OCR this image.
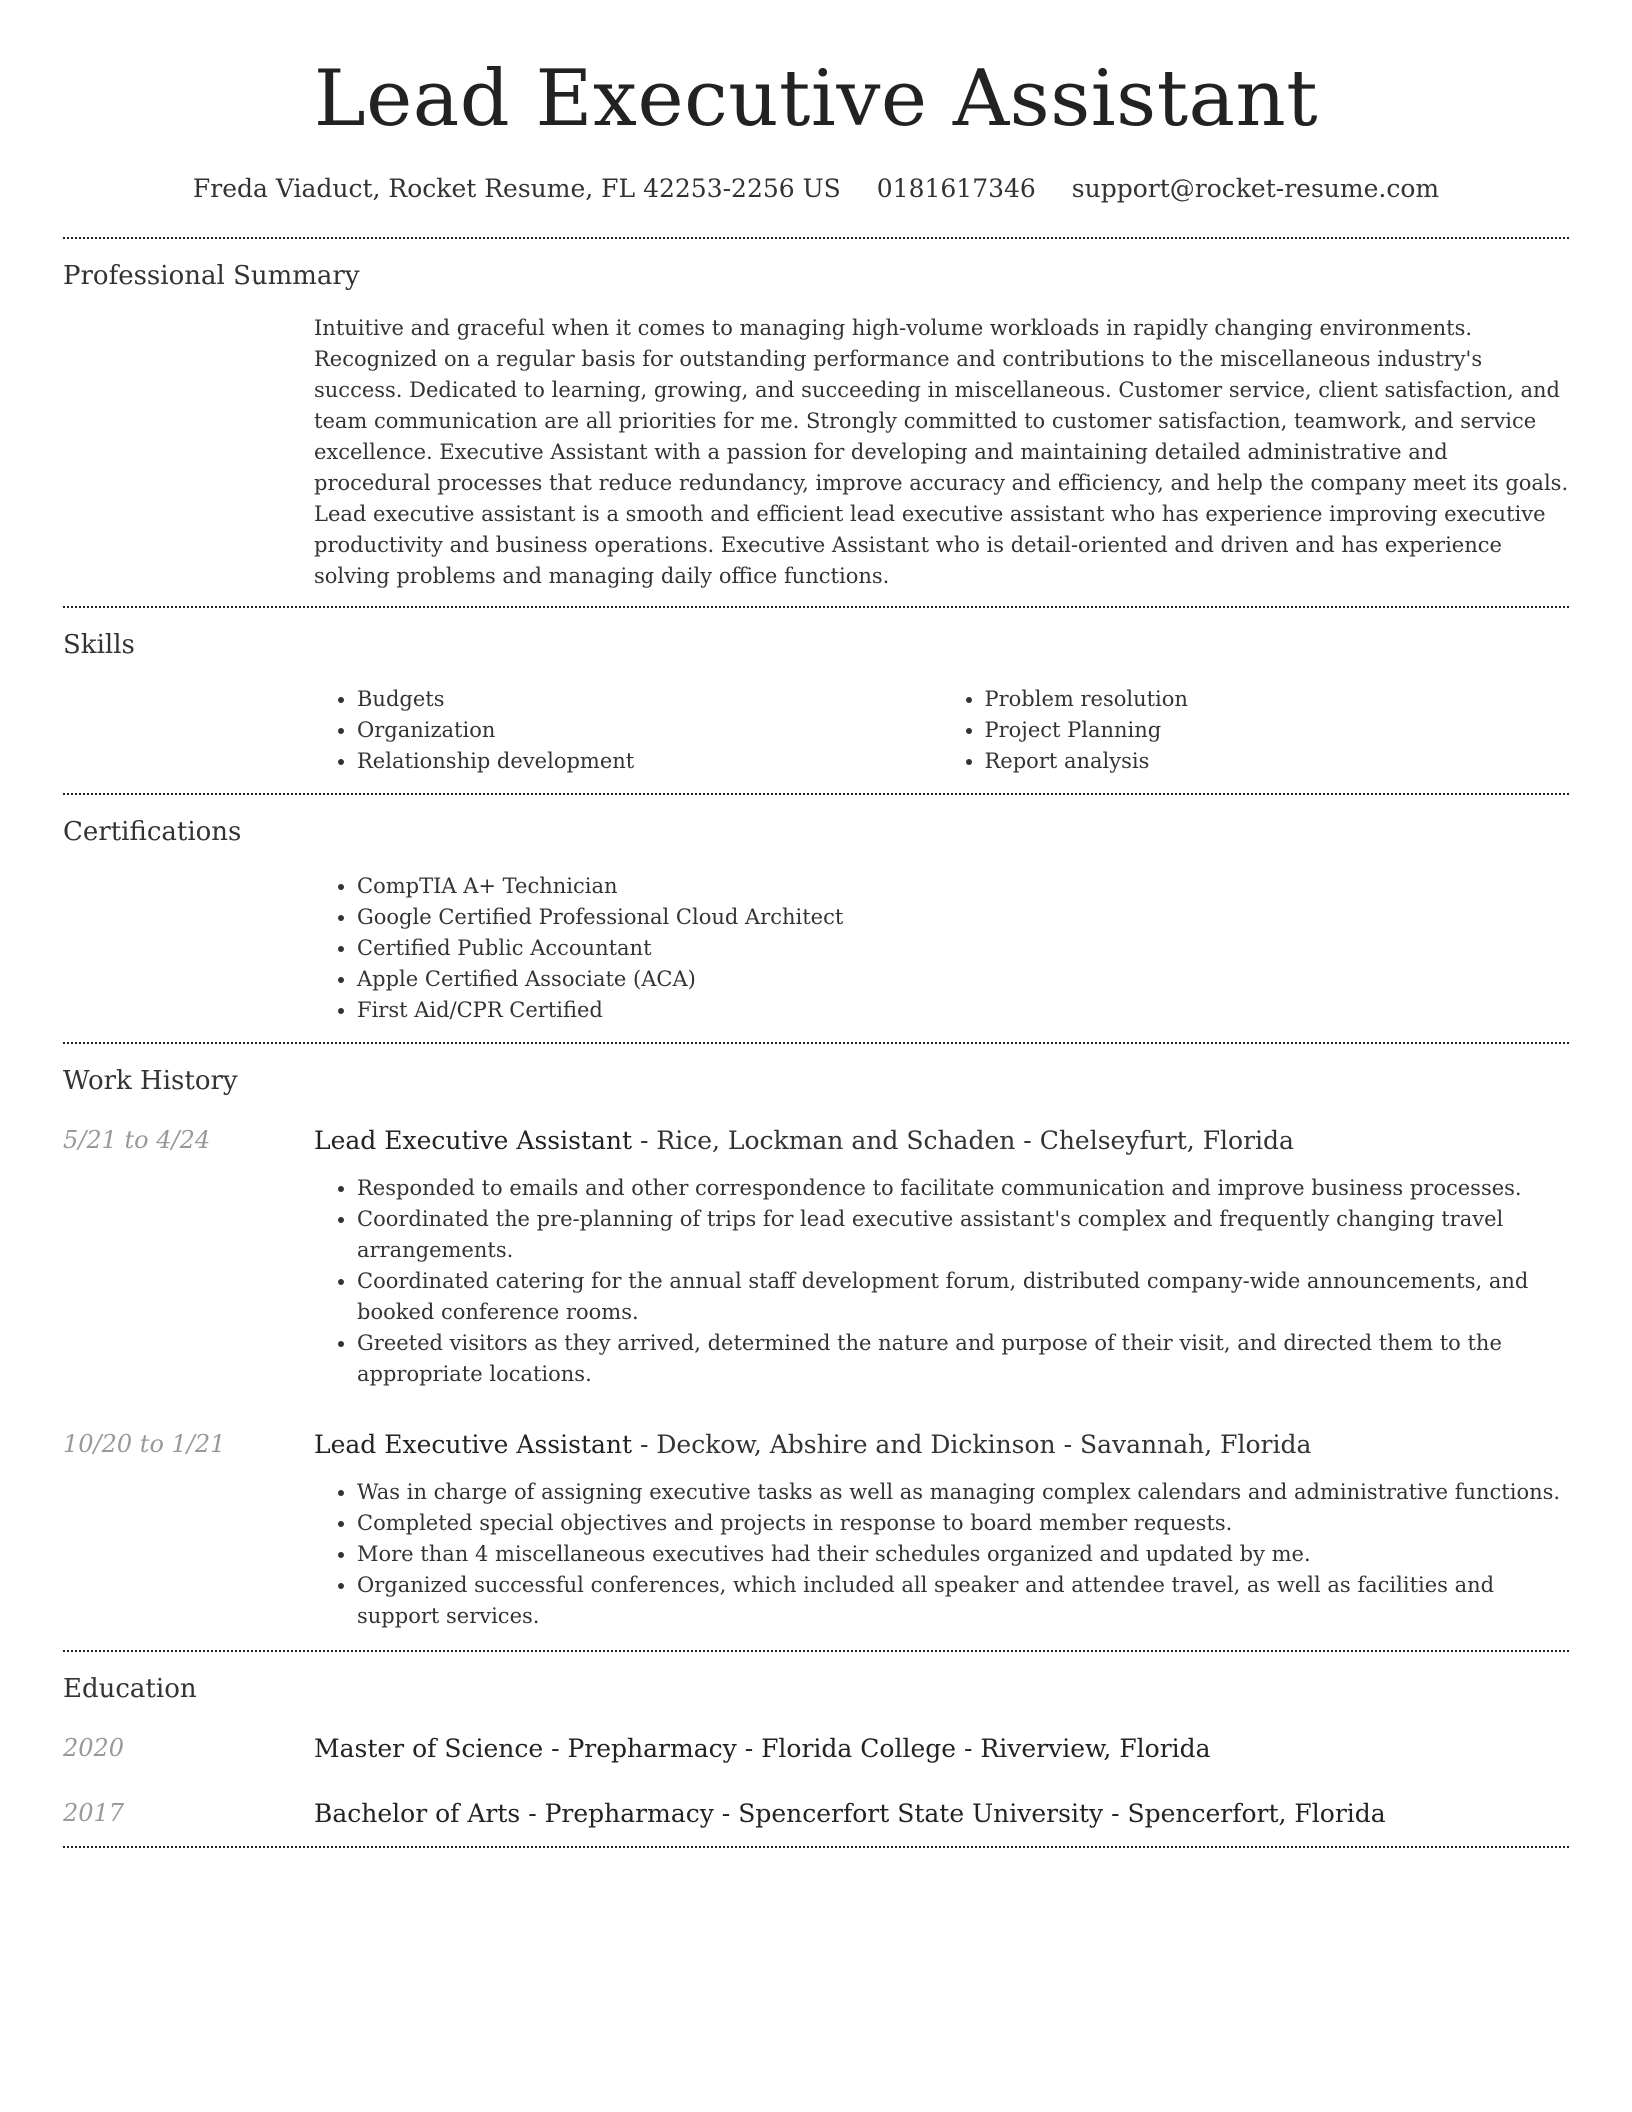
Lead Executive Assistant
Freda Viaduct, Rocket Resume, FL 42253-2256 US 0181617346 support@rocket-resume.com
Professional Summary
Intuitive and graceful when it comes to managing high-volume workloads in rapidly changing environments. Recognized on a regular basis for outstanding performance and contributions to the miscellaneous industry's success. Dedicated to learning, growing, and succeeding in miscellaneous. Customer service, client satisfaction, and team communication are all priorities for me. Strongly committed to customer satisfaction, teamwork, and service excellence. Executive Assistant with a passion for developing and maintaining detailed administrative and procedural processes that reduce redundancy, improve accuracy and efficiency, and help the company meet its goals. Lead executive assistant is a smooth and efficient lead executive assistant who has experience improving executive productivity and business operations. Executive Assistant who is detail-oriented and driven and has experience solving problems and managing daily office functions.
Skills
• Budgets
• Organization
• Relationship development
• Problem resolution
• Project Planning
• Report analysis
Certifications
• CompTIA A+ Technician
• Google Certified Professional Cloud Architect
• Certified Public Accountant
• Apple Certified Associate (ACA)
• First Aid/CPR Certified
Work History
5/21 to 4/24	Lead Executive Assistant - Rice, Lockman and Schaden - Chelseyfurt, Florida
• Responded to emails and other correspondence to facilitate communication and improve business processes.
• Coordinated the pre-planning of trips for lead executive assistant's complex and frequently changing travel arrangements.
• Coordinated catering for the annual staff development forum, distributed company-wide announcements, and booked conference rooms.
• Greeted visitors as they arrived, determined the nature and purpose of their visit, and directed them to the appropriate locations.
10/20 to 1/21	Lead Executive Assistant - Deckow, Abshire and Dickinson - Savannah, Florida
• Was in charge of assigning executive tasks as well as managing complex calendars and administrative functions.
• Completed special objectives and projects in response to board member requests.
• More than 4 miscellaneous executives had their schedules organized and updated by me.
• Organized successful conferences, which included all speaker and attendee travel, as well as facilities and support services.
Education
2020	Master of Science - Prepharmacy - Florida College - Riverview, Florida
2017	Bachelor of Arts - Prepharmacy - Spencerfort State University - Spencerfort, Florida
